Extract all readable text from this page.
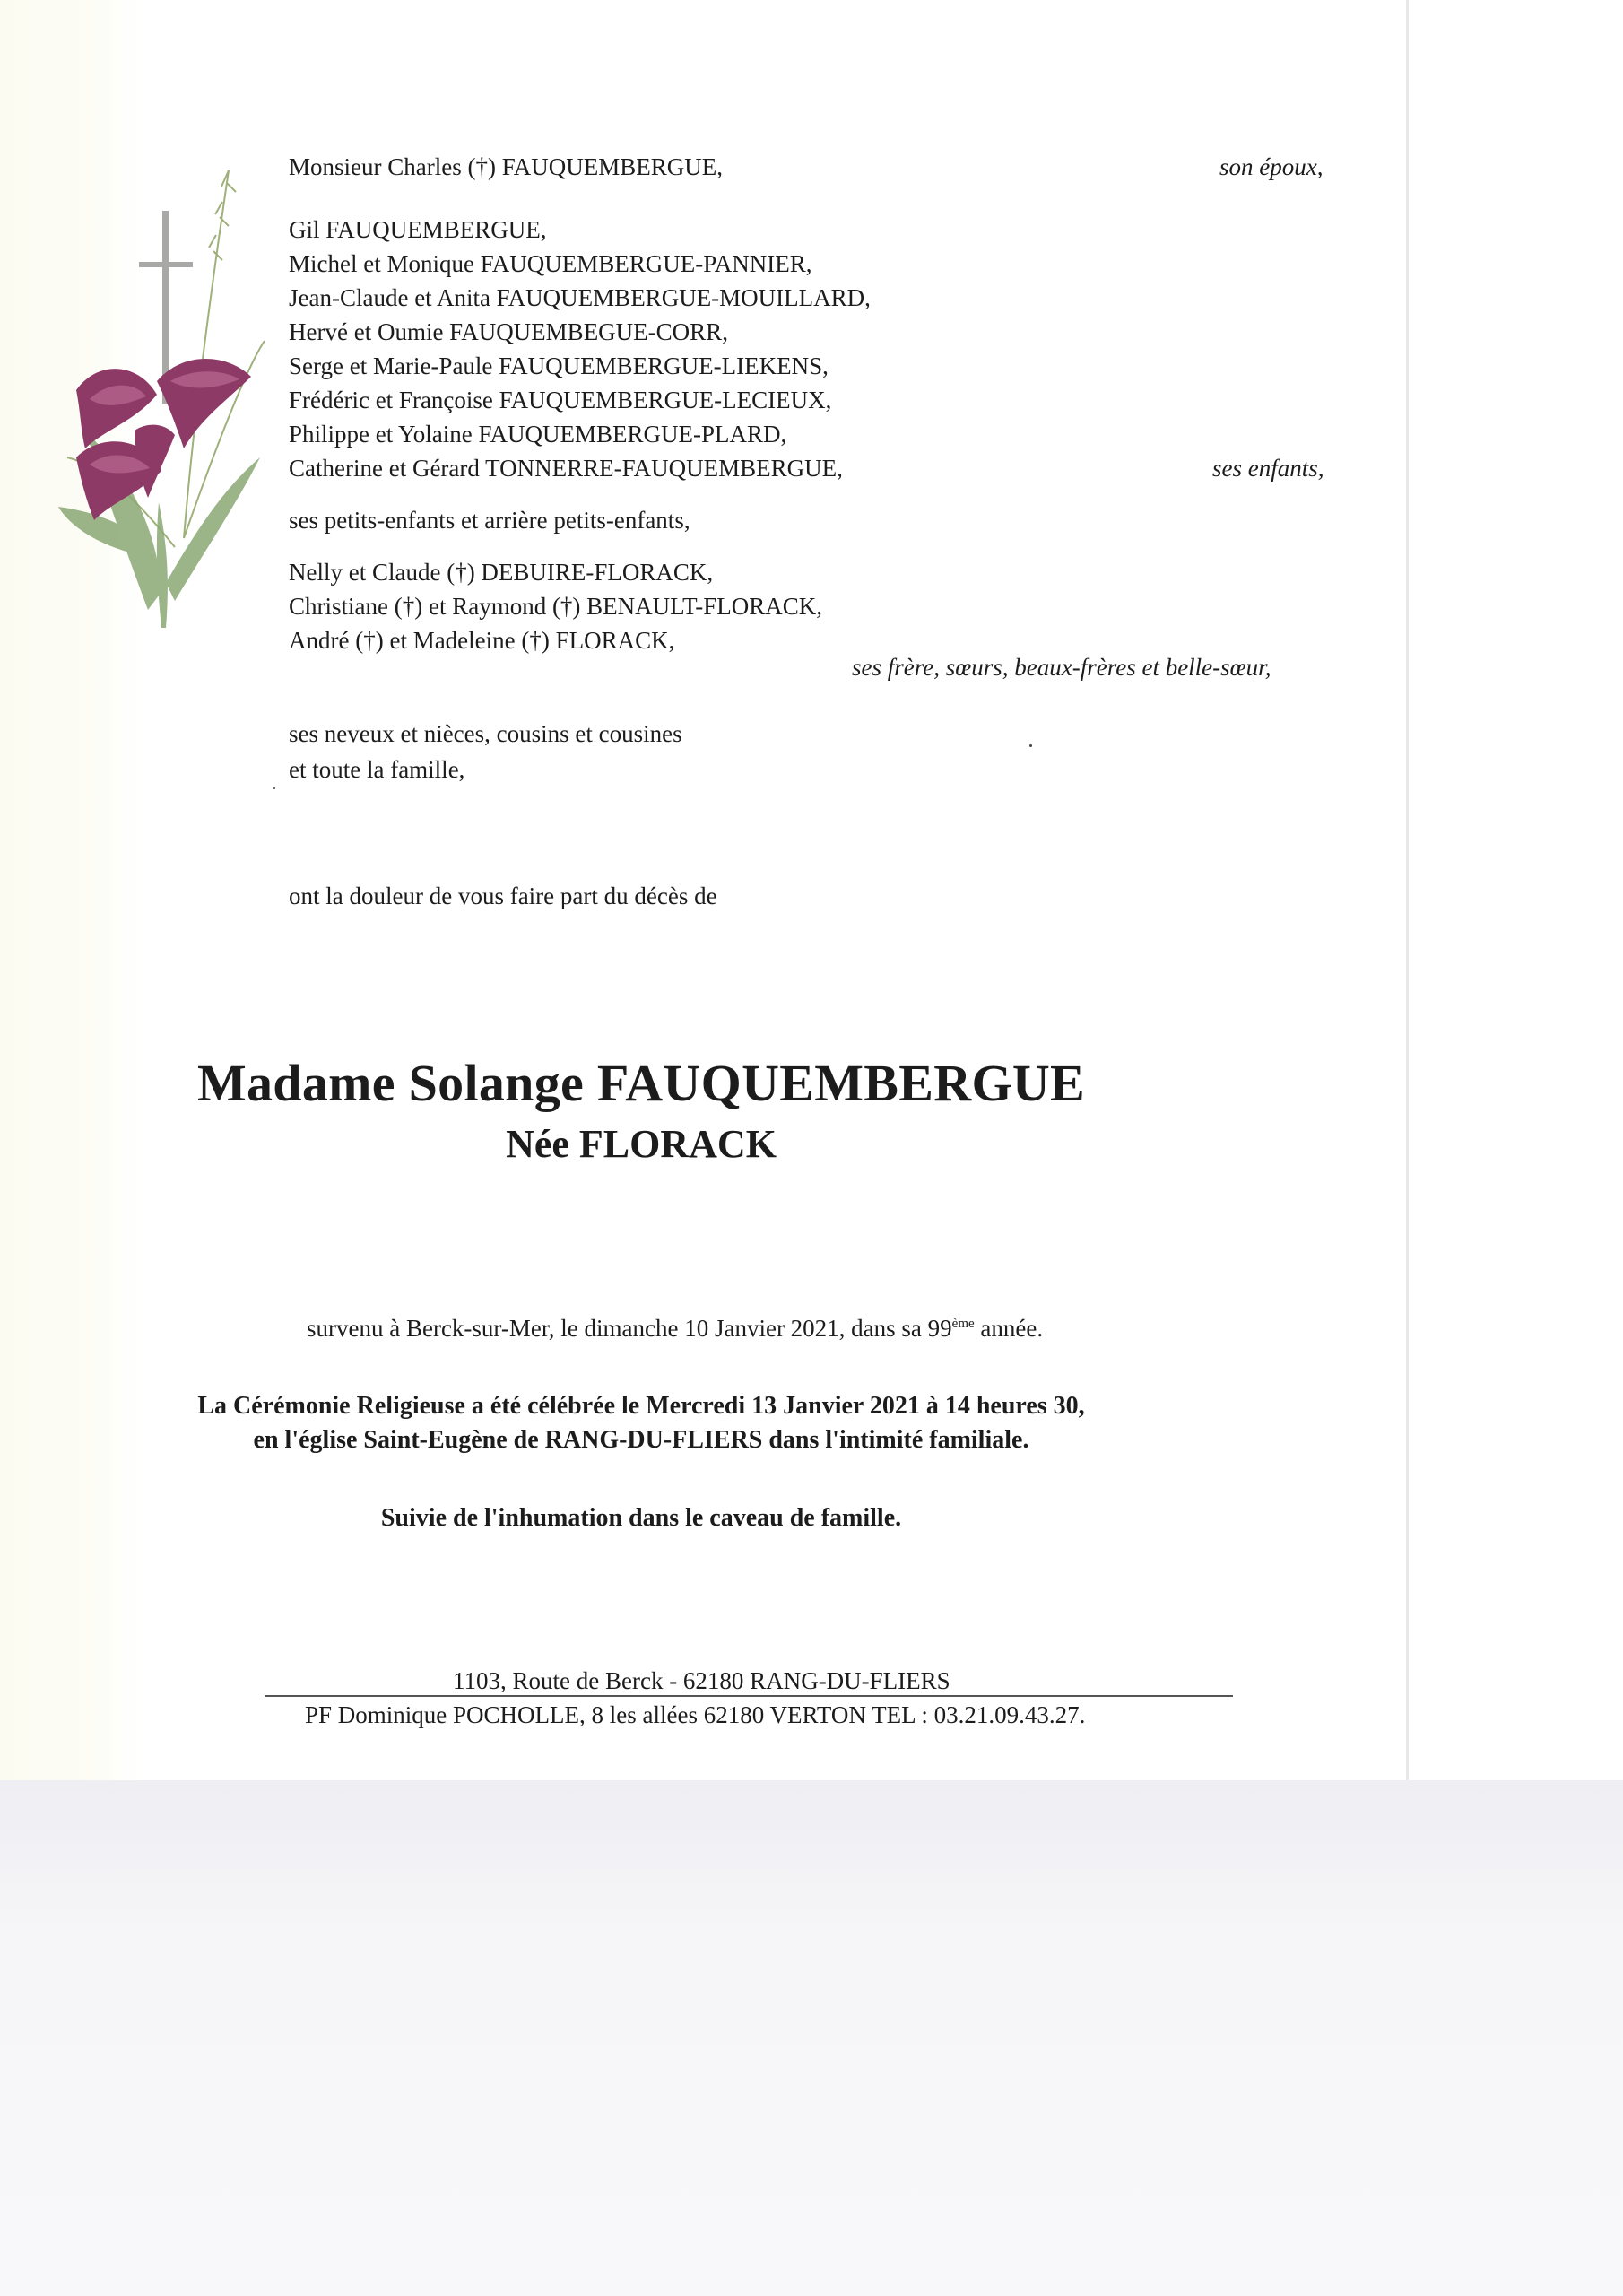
Monsieur Charles (†) FAUQUEMBERGUE,	son époux,
Gil FAUQUEMBERGUE,
Michel et Monique FAUQUEMBERGUE-PANNIER,
Jean-Claude et Anita FAUQUEMBERGUE-MOUILLARD,
Hervé et Oumie FAUQUEMBEGUE-CORR,
Serge et Marie-Paule FAUQUEMBERGUE-LIEKENS,
Frédéric et Françoise FAUQUEMBERGUE-LECIEUX,
Philippe et Yolaine FAUQUEMBERGUE-PLARD,
Catherine et Gérard TONNERRE-FAUQUEMBERGUE,	ses enfants,
ses petits-enfants et arrière petits-enfants,
Nelly et Claude (†) DEBUIRE-FLORACK,
Christiane (†) et Raymond (†) BENAULT-FLORACK,
André (†) et Madeleine (†) FLORACK,
ses frère, sœurs, beaux-frères et belle-sœur,
ses neveux et nièces, cousins et cousines
et toute la famille,
ont la douleur de vous faire part du décès de
Madame Solange FAUQUEMBERGUE
Née FLORACK
survenu à Berck-sur-Mer, le dimanche 10 Janvier 2021, dans sa 99ème année.
La Cérémonie Religieuse a été célébrée le Mercredi 13 Janvier 2021 à 14 heures 30,
en l'église Saint-Eugène de RANG-DU-FLIERS dans l'intimité familiale.
Suivie de l'inhumation dans le caveau de famille.
1103, Route de Berck - 62180 RANG-DU-FLIERS
PF Dominique POCHOLLE, 8 les allées 62180 VERTON TEL : 03.21.09.43.27.
